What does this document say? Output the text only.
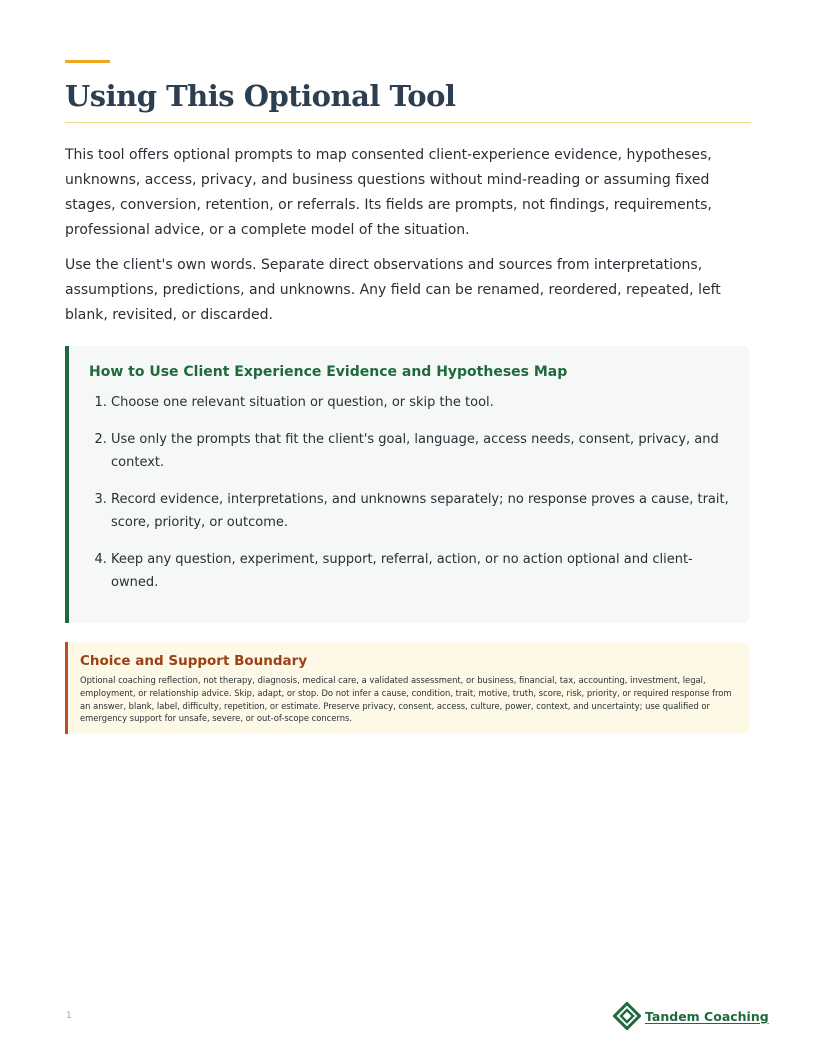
Using This Optional Tool

This tool offers optional prompts to map consented client-experience evidence, hypotheses, unknowns, access, privacy, and business questions without mind-reading or assuming fixed stages, conversion, retention, or referrals. Its fields are prompts, not findings, requirements, professional advice, or a complete model of the situation.

Use the client's own words. Separate direct observations and sources from interpretations, assumptions, predictions, and unknowns. Any field can be renamed, reordered, repeated, left blank, revisited, or discarded.

How to Use Client Experience Evidence and Hypotheses Map
1. Choose one relevant situation or question, or skip the tool.
2. Use only the prompts that fit the client's goal, language, access needs, consent, privacy, and context.
3. Record evidence, interpretations, and unknowns separately; no response proves a cause, trait, score, priority, or outcome.
4. Keep any question, experiment, support, referral, action, or no action optional and client-owned.
Choice and Support Boundary

Optional coaching reflection, not therapy, diagnosis, medical care, a validated assessment, or business, financial, tax, accounting, investment, legal, employment, or relationship advice. Skip, adapt, or stop. Do not infer a cause, condition, trait, motive, truth, score, risk, priority, or required response from an answer, blank, label, difficulty, repetition, or estimate. Preserve privacy, consent, access, culture, power, context, and uncertainty; use qualified or emergency support for unsafe, severe, or out-of-scope concerns.

1	Tandem Coaching
